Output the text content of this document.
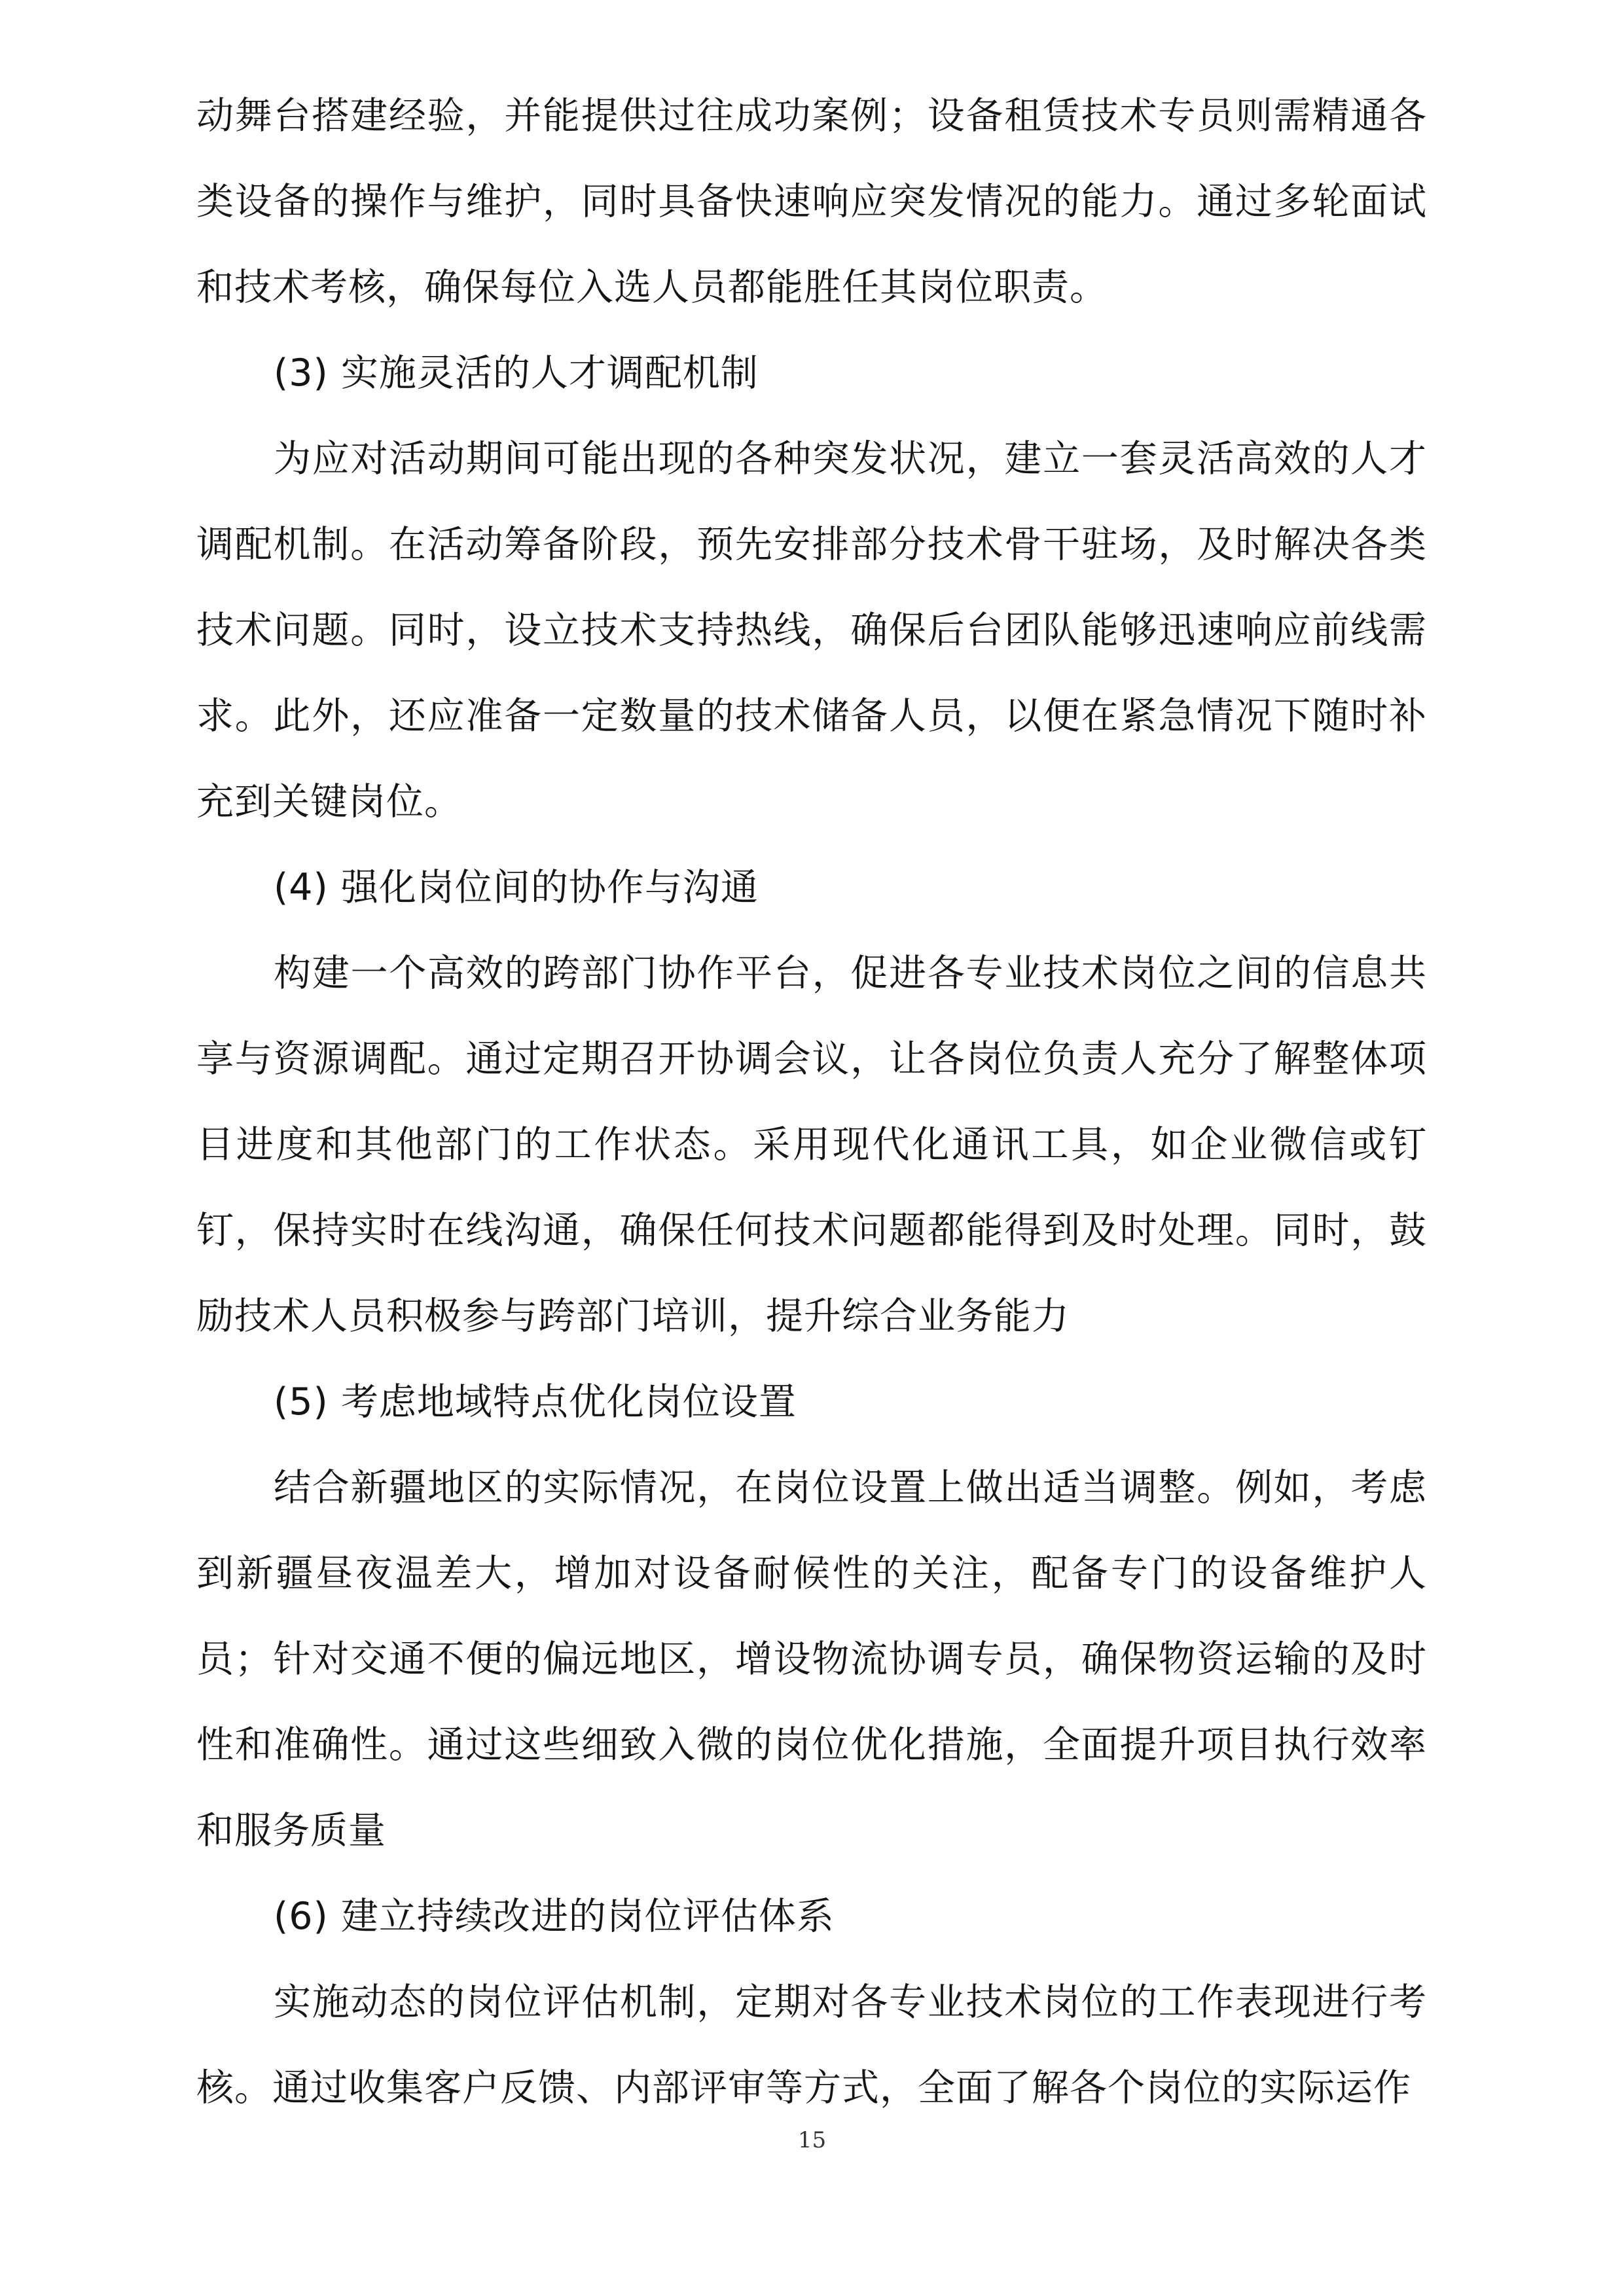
动舞台搭建经验，并能提供过往成功案例；设备租赁技术专员则需精通各类设备的操作与维护，同时具备快速响应突发情况的能力。通过多轮面试和技术考核，确保每位入选人员都能胜任其岗位职责。

(3) 实施灵活的人才调配机制

为应对活动期间可能出现的各种突发状况，建立一套灵活高效的人才调配机制。在活动筹备阶段，预先安排部分技术骨干驻场，及时解决各类技术问题。同时，设立技术支持热线，确保后台团队能够迅速响应前线需求。此外，还应准备一定数量的技术储备人员，以便在紧急情况下随时补充到关键岗位。

(4) 强化岗位间的协作与沟通

构建一个高效的跨部门协作平台，促进各专业技术岗位之间的信息共享与资源调配。通过定期召开协调会议，让各岗位负责人充分了解整体项目进度和其他部门的工作状态。采用现代化通讯工具，如企业微信或钉钉，保持实时在线沟通，确保任何技术问题都能得到及时处理。同时，鼓励技术人员积极参与跨部门培训，提升综合业务能力

(5) 考虑地域特点优化岗位设置

结合新疆地区的实际情况，在岗位设置上做出适当调整。例如，考虑到新疆昼夜温差大，增加对设备耐候性的关注，配备专门的设备维护人员；针对交通不便的偏远地区，增设物流协调专员，确保物资运输的及时性和准确性。通过这些细致入微的岗位优化措施，全面提升项目执行效率和服务质量

(6) 建立持续改进的岗位评估体系

实施动态的岗位评估机制，定期对各专业技术岗位的工作表现进行考核。通过收集客户反馈、内部评审等方式，全面了解各个岗位的实际运作

15
